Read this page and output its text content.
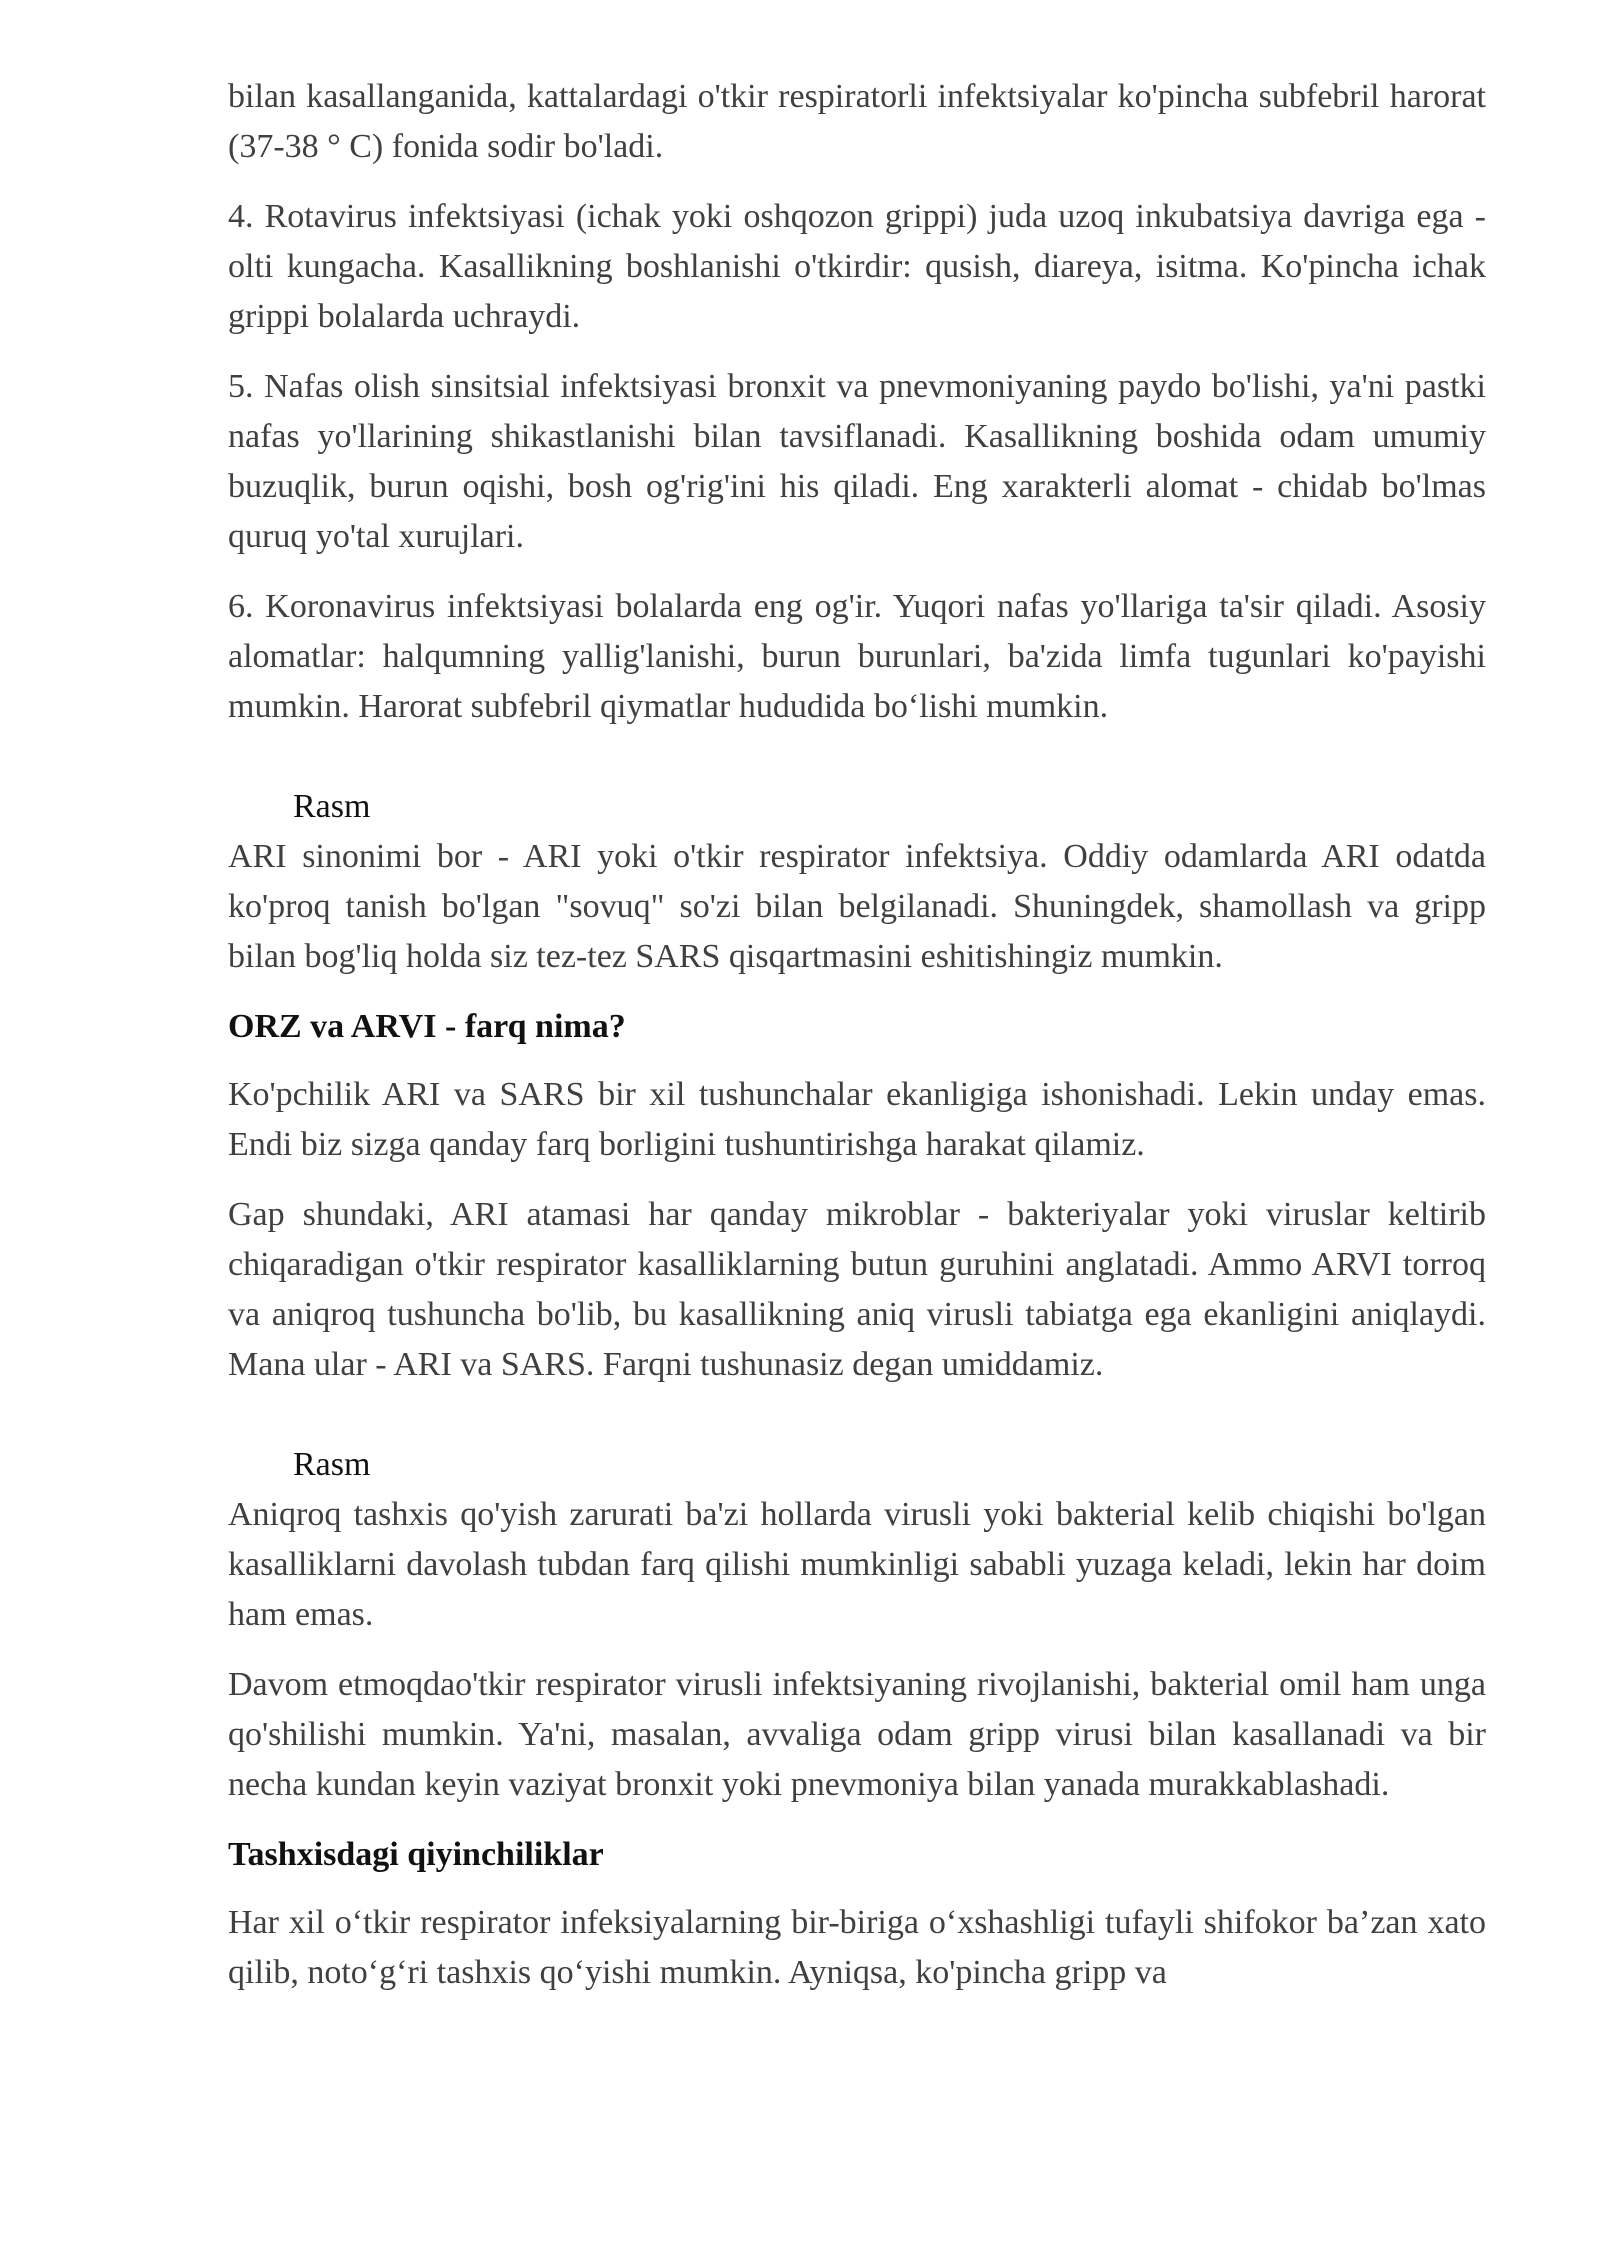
bilan kasallanganida, kattalardagi o'tkir respiratorli infektsiyalar ko'pincha subfebril harorat (37-38 ° C) fonida sodir bo'ladi.

4. Rotavirus infektsiyasi (ichak yoki oshqozon grippi) juda uzoq inkubatsiya davriga ega - olti kungacha. Kasallikning boshlanishi o'tkirdir: qusish, diareya, isitma. Ko'pincha ichak grippi bolalarda uchraydi.

5. Nafas olish sinsitsial infektsiyasi bronxit va pnevmoniyaning paydo bo'lishi, ya'ni pastki nafas yo'llarining shikastlanishi bilan tavsiflanadi. Kasallikning boshida odam umumiy buzuqlik, burun oqishi, bosh og'rig'ini his qiladi. Eng xarakterli alomat - chidab bo'lmas quruq yo'tal xurujlari.

6. Koronavirus infektsiyasi bolalarda eng og'ir. Yuqori nafas yo'llariga ta'sir qiladi. Asosiy alomatlar: halqumning yallig'lanishi, burun burunlari, ba'zida limfa tugunlari ko'payishi mumkin. Harorat subfebril qiymatlar hududida bo‘lishi mumkin.

Rasm

ARI sinonimi bor - ARI yoki o'tkir respirator infektsiya. Oddiy odamlarda ARI odatda ko'proq tanish bo'lgan "sovuq" so'zi bilan belgilanadi. Shuningdek, shamollash va gripp bilan bog'liq holda siz tez-tez SARS qisqartmasini eshitishingiz mumkin.

ORZ va ARVI - farq nima?

Ko'pchilik ARI va SARS bir xil tushunchalar ekanligiga ishonishadi. Lekin unday emas. Endi biz sizga qanday farq borligini tushuntirishga harakat qilamiz.

Gap shundaki, ARI atamasi har qanday mikroblar - bakteriyalar yoki viruslar keltirib chiqaradigan o'tkir respirator kasalliklarning butun guruhini anglatadi. Ammo ARVI torroq va aniqroq tushuncha bo'lib, bu kasallikning aniq virusli tabiatga ega ekanligini aniqlaydi. Mana ular - ARI va SARS. Farqni tushunasiz degan umiddamiz.

Rasm

Aniqroq tashxis qo'yish zarurati ba'zi hollarda virusli yoki bakterial kelib chiqishi bo'lgan kasalliklarni davolash tubdan farq qilishi mumkinligi sababli yuzaga keladi, lekin har doim ham emas.

Davom etmoqdao'tkir respirator virusli infektsiyaning rivojlanishi, bakterial omil ham unga qo'shilishi mumkin. Ya'ni, masalan, avvaliga odam gripp virusi bilan kasallanadi va bir necha kundan keyin vaziyat bronxit yoki pnevmoniya bilan yanada murakkablashadi.

Tashxisdagi qiyinchiliklar

Har xil o‘tkir respirator infeksiyalarning bir-biriga o‘xshashligi tufayli shifokor ba’zan xato qilib, noto‘g‘ri tashxis qo‘yishi mumkin. Ayniqsa, ko'pincha gripp va
